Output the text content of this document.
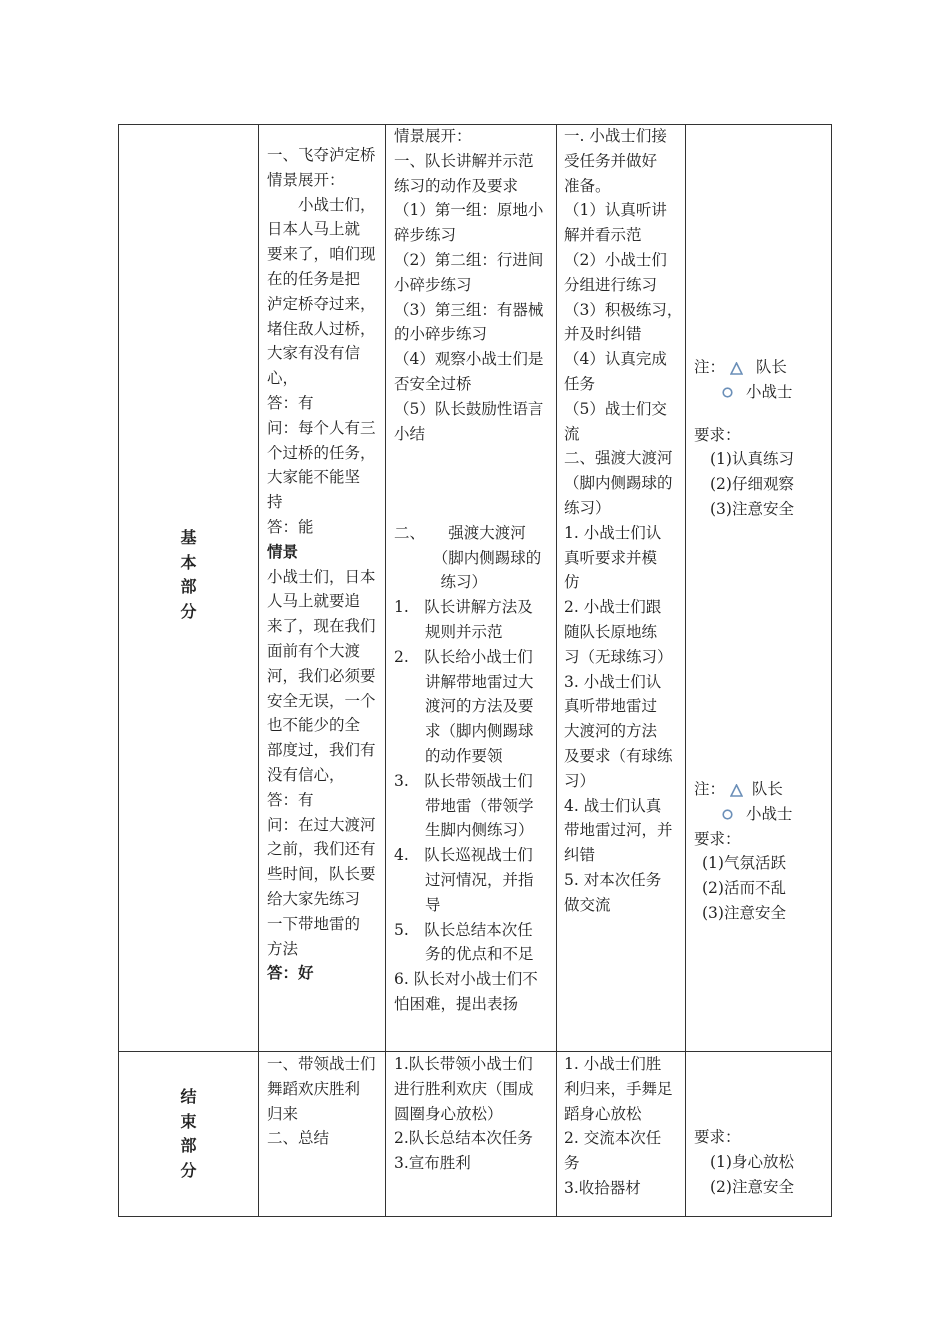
基
本
部
分
一、飞夺泸定桥
情景展开：
　　小战士们，
日本人马上就
要来了，咱们现
在的任务是把
泸定桥夺过来，
堵住敌人过桥，
大家有没有信
心，
答：有
问：每个人有三
个过桥的任务，
大家能不能坚
持
答：能
情景
小战士们，日本
人马上就要追
来了，现在我们
面前有个大渡
河，我们必须要
安全无误，一个
也不能少的全
部度过，我们有
没有信心，
答：有
问：在过大渡河
之前，我们还有
些时间，队长要
给大家先练习
一下带地雷的
方法
答：好
情景展开：
一、队长讲解并示范
练习的动作及要求
（1）第一组：原地小
碎步练习
（2）第二组：行进间
小碎步练习
（3）第三组：有器械
的小碎步练习
（4）观察小战士们是
否安全过桥
（5）队长鼓励性语言
小结
二、　　强渡大渡河
　　　（脚内侧踢球的
　　　练习）
1.　队长讲解方法及
　　规则并示范
2.　队长给小战士们
　　讲解带地雷过大
　　渡河的方法及要
　　求（脚内侧踢球
　　的动作要领
3.　队长带领战士们
　　带地雷（带领学
　　生脚内侧练习）
4.　队长巡视战士们
　　过河情况，并指
　　导
5.　队长总结本次任
　　务的优点和不足
6. 队长对小战士们不
怕困难，提出表扬
一. 小战士们接
受任务并做好
准备。
（1）认真听讲
解并看示范
（2）小战士们
分组进行练习
（3）积极练习，
并及时纠错
（4）认真完成
任务
（5）战士们交
流
二、强渡大渡河
（脚内侧踢球的
练习）
1. 小战士们认
真听要求并模
仿
2. 小战士们跟
随队长原地练
习（无球练习）
3. 小战士们认
真听带地雷过
大渡河的方法
及要求（有球练
习）
4. 战士们认真
带地雷过河，并
纠错
5. 对本次任务
做交流
注： 队长
小战士
要求：
(1)认真练习
(2)仔细观察
(3)注意安全
注： 队长
小战士
要求：
(1)气氛活跃
(2)活而不乱
(3)注意安全
结
束
部
分
一、带领战士们
舞蹈欢庆胜利
归来
二、总结
1.队长带领小战士们
进行胜利欢庆（围成
圆圈身心放松）
2.队长总结本次任务
3.宣布胜利
1. 小战士们胜
利归来，手舞足
蹈身心放松
2. 交流本次任
务
3.收拾器材
要求：
(1)身心放松
(2)注意安全
